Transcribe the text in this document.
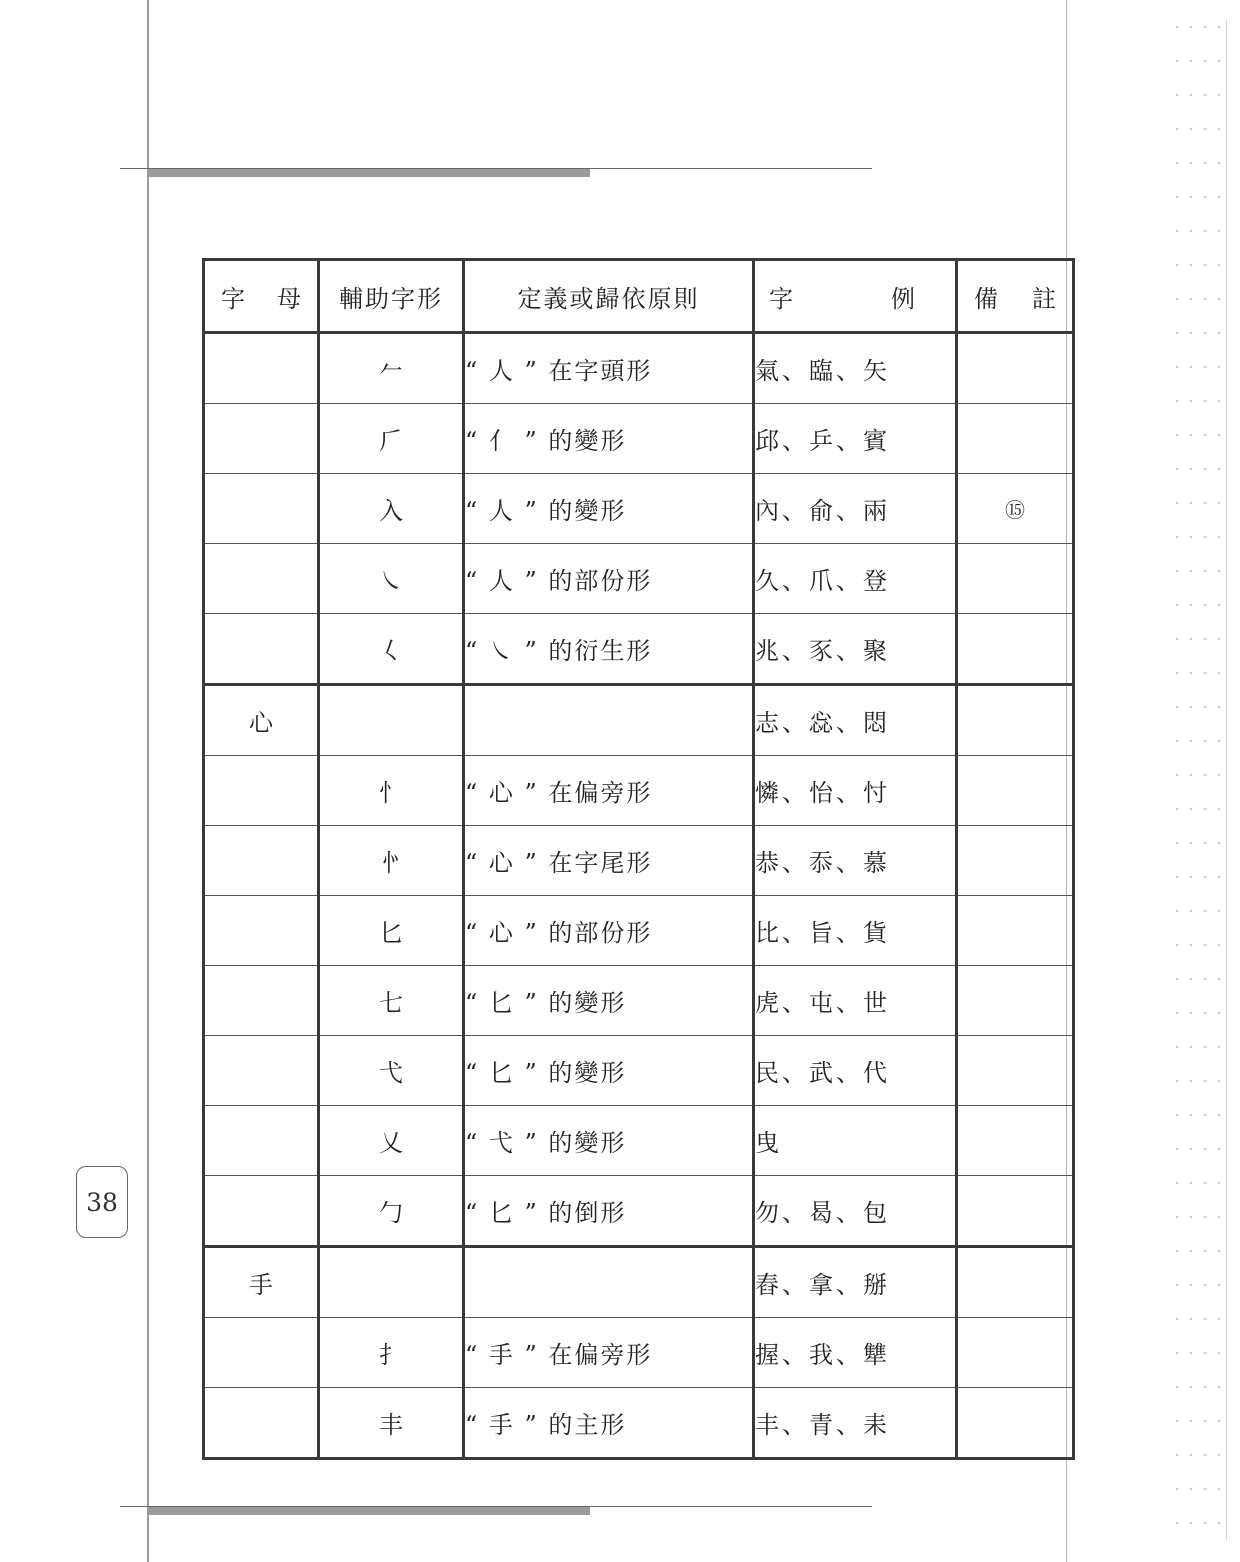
38
字 母	輔助字形	定義或歸依原則	字 例	備 註

	𠂉	“ 人 ” 在字頭形	氣、臨、矢	
	𠂆	“ 亻 ” 的變形	邱、乒、賓	
	入	“ 人 ” 的變形	內、俞、兩	⑮
	㇏	“ 人 ” 的部份形	久、爪、登	
	𡿨	“ ㇏ ” 的衍生形	兆、豕、聚	
心			志、惢、悶	
	忄	“ 心 ” 在偏旁形	憐、怡、忖	
	㣺	“ 心 ” 在字尾形	恭、忝、慕	
	匕	“ 心 ” 的部份形	比、旨、貨	
	七	“ 匕 ” 的變形	虎、屯、世	
	弋	“ 匕 ” 的變形	民、武、代	
	乂	“ 弋 ” 的變形	曳	
	勹	“ 匕 ” 的倒形	勿、曷、包	
手			舂、拿、掰	
	扌	“ 手 ” 在偏旁形	握、我、犨	
	丰	“ 手 ” 的主形	丰、青、耒	
